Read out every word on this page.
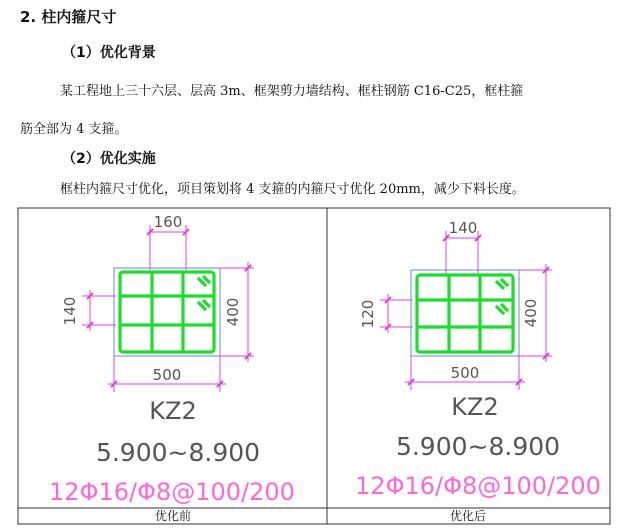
2. 柱内箍尺寸
（1）优化背景
某工程地上三十六层、层高 3m、框架剪力墙结构、框柱钢筋 C16-C25，框柱箍
筋全部为 4 支箍。
（2）优化实施
框柱内箍尺寸优化，项目策划将 4 支箍的内箍尺寸优化 20mm，减少下料长度。
160
140	400
500
KZ2
5.900~8.900
12Φ16/Φ8@100/200
优化前
140
120	400
500
KZ2
5.900~8.900
12Φ16/Φ8@100/200
优化后
